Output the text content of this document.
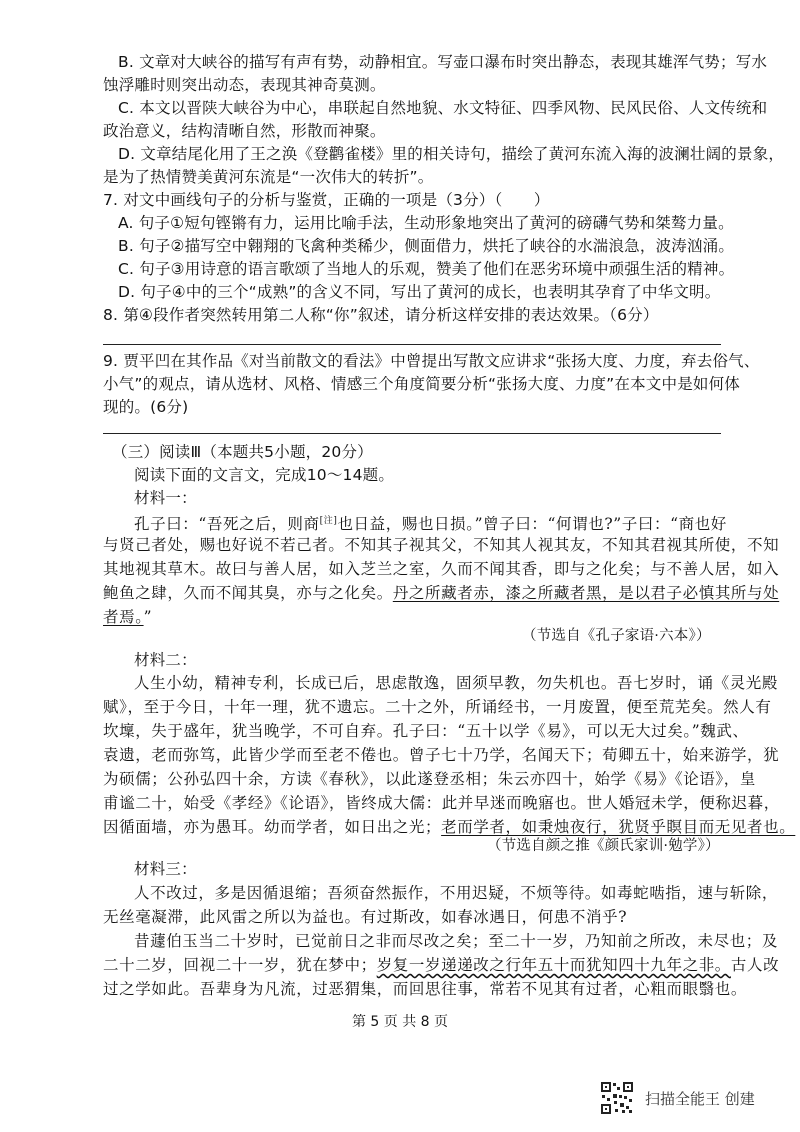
B. 文章对大峡谷的描写有声有势，动静相宜。写壶口瀑布时突出静态，表现其雄浑气势；写水
蚀浮雕时则突出动态，表现其神奇莫测。
C. 本文以晋陕大峡谷为中心，串联起自然地貌、水文特征、四季风物、民风民俗、人文传统和
政治意义，结构清晰自然，形散而神聚。
D. 文章结尾化用了王之涣《登鹳雀楼》里的相关诗句，描绘了黄河东流入海的波澜壮阔的景象，
是为了热情赞美黄河东流是“一次伟大的转折”。
7. 对文中画线句子的分析与鉴赏，正确的一项是（3分）（　　）
A. 句子①短句铿锵有力，运用比喻手法，生动形象地突出了黄河的磅礴气势和桀骜力量。
B. 句子②描写空中翱翔的飞禽种类稀少，侧面借力，烘托了峡谷的水湍浪急，波涛汹涌。
C. 句子③用诗意的语言歌颂了当地人的乐观，赞美了他们在恶劣环境中顽强生活的精神。
D. 句子④中的三个“成熟”的含义不同，写出了黄河的成长，也表明其孕育了中华文明。
8. 第④段作者突然转用第二人称“你”叙述，请分析这样安排的表达效果。（6分）
9. 贾平凹在其作品《对当前散文的看法》中曾提出写散文应讲求“张扬大度、力度，弃去俗气、
小气”的观点，请从选材、风格、情感三个角度简要分析“张扬大度、力度”在本文中是如何体
现的。(6分)
（三）阅读Ⅲ（本题共5小题，20分）
阅读下面的文言文，完成10～14题。
材料一：
孔子曰：“吾死之后，则商[注]也日益，赐也日损。”曾子曰：“何谓也?”子曰：“商也好
与贤己者处，赐也好说不若己者。不知其子视其父，不知其人视其友，不知其君视其所使，不知
其地视其草木。故曰与善人居，如入芝兰之室，久而不闻其香，即与之化矣；与不善人居，如入
鲍鱼之肆，久而不闻其臭，亦与之化矣。丹之所藏者赤，漆之所藏者黑，是以君子必慎其所与处
者焉。”
（节选自《孔子家语·六本》）
材料二：
人生小幼，精神专利，长成已后，思虑散逸，固须早教，勿失机也。吾七岁时，诵《灵光殿
赋》，至于今日，十年一理，犹不遗忘。二十之外，所诵经书，一月废置，便至荒芜矣。然人有
坎壈，失于盛年，犹当晚学，不可自弃。孔子曰：“五十以学《易》，可以无大过矣。”魏武、
袁遗，老而弥笃，此皆少学而至老不倦也。曾子七十乃学，名闻天下；荀卿五十，始来游学，犹
为硕儒；公孙弘四十余，方读《春秋》，以此遂登丞相；朱云亦四十，始学《易》《论语》，皇
甫谧二十，始受《孝经》《论语》，皆终成大儒：此并早迷而晚寤也。世人婚冠未学，便称迟暮，
因循面墙，亦为愚耳。幼而学者，如日出之光；老而学者，如秉烛夜行，犹贤乎瞑目而无见者也。
（节选自颜之推《颜氏家训·勉学》）
材料三：
人不改过，多是因循退缩；吾须奋然振作，不用迟疑，不烦等待。如毒蛇啮指，速与斩除，
无丝毫凝滞，此风雷之所以为益也。有过斯改，如春冰遇日，何患不消乎?
昔蘧伯玉当二十岁时，已觉前日之非而尽改之矣；至二十一岁，乃知前之所改，未尽也；及
二十二岁，回视二十一岁，犹在梦中；岁复一岁递递改之行年五十而犹知四十九年之非。古人改
过之学如此。吾辈身为凡流，过恶猬集，而回思往事，常若不见其有过者，心粗而眼翳也。
第 5 页 共 8 页
扫描全能王 创建
